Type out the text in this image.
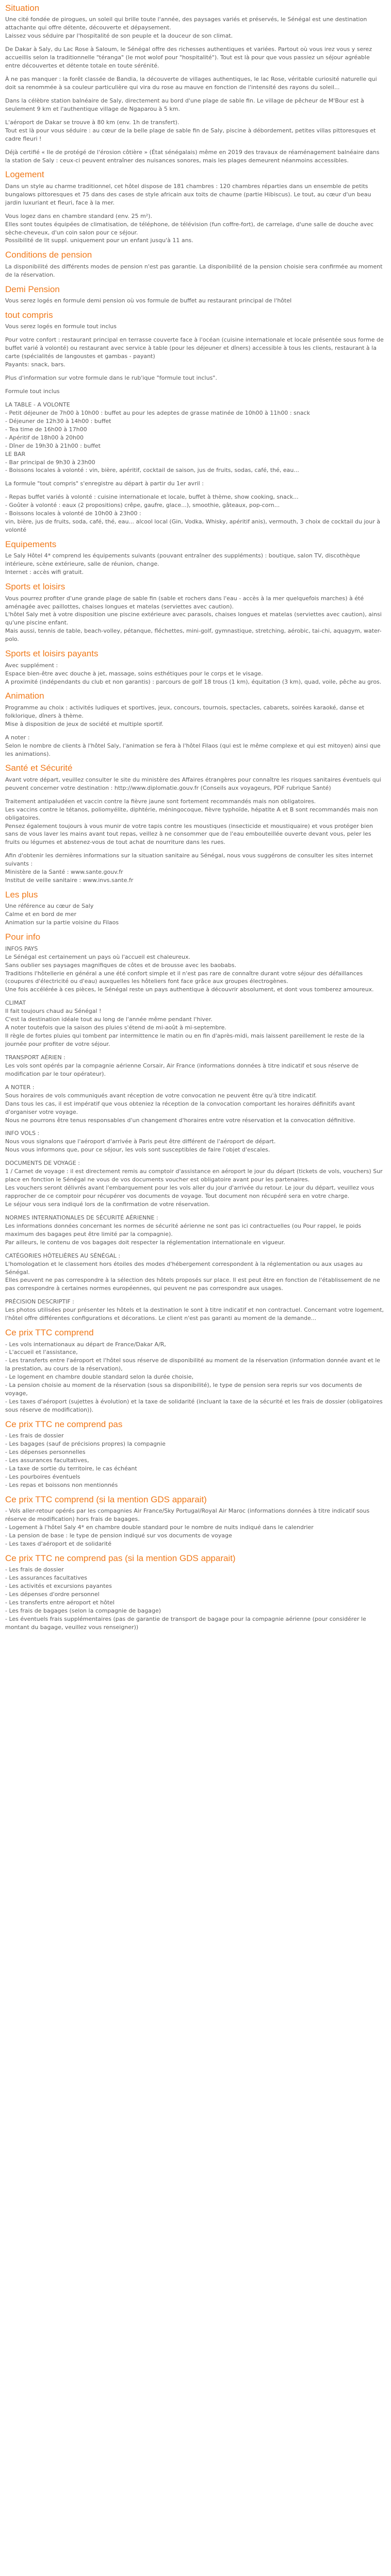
Situation

Une cité fondée de pirogues, un soleil qui brille toute l'année, des paysages variés et préservés, le Sénégal est une destination attachante qui offre détente, découverte et dépaysement.
Laissez vous séduire par l'hospitalité de son peuple et la douceur de son climat.

De Dakar à Saly, du Lac Rose à Saloum, le Sénégal offre des richesses authentiques et variées. Partout où vous irez vous y serez accueillis selon la traditionnelle "téranga" (le mot wolof pour "hospitalité"). Tout est là pour que vous passiez un séjour agréable entre découvertes et détente totale en toute sérénité.

À ne pas manquer : la forêt classée de Bandia, la découverte de villages authentiques, le lac Rose, véritable curiosité naturelle qui doit sa renommée à sa couleur particulière qui vira du rose au mauve en fonction de l'intensité des rayons du soleil...

Dans la célèbre station balnéaire de Saly, directement au bord d'une plage de sable fin. Le village de pêcheur de M'Bour est à seulement 9 km et l'authentique village de Ngaparou à 5 km.

L'aéroport de Dakar se trouve à 80 km (env. 1h de transfert).
Tout est là pour vous séduire : au cœur de la belle plage de sable fin de Saly, piscine à débordement, petites villas pittoresques et cadre fleuri !

Déjà certifié « Ile de protégé de l'érosion côtière » (État sénégalais) même en 2019 des travaux de réaménagement balnéaire dans la station de Saly : ceux-ci peuvent entraîner des nuisances sonores, mais les plages demeurent néanmoins accessibles.

Logement

Dans un style au charme traditionnel, cet hôtel dispose de 181 chambres : 120 chambres réparties dans un ensemble de petits bungalows pittoresques et 75 dans des cases de style africain aux toits de chaume (partie Hibiscus). Le tout, au cœur d'un beau jardin luxuriant et fleuri, face à la mer.

Vous logez dans en chambre standard (env. 25 m²).
Elles sont toutes équipées de climatisation, de téléphone, de télévision (fun coffre-fort), de carrelage, d'une salle de douche avec sèche-cheveux, d'un coin salon pour ce séjour.
Possibilité de lit suppl. uniquement pour un enfant jusqu'à 11 ans.

Conditions de pension

La disponibilité des différents modes de pension n'est pas garantie. La disponibilité de la pension choisie sera confirmée au moment de la réservation.

Demi Pension

Vous serez logés en formule demi pension où vos formule de buffet au restaurant principal de l'hôtel

tout compris

Vous serez logés en formule tout inclus

Pour votre confort : restaurant principal en terrasse couverte face à l'océan (cuisine internationale et locale présentée sous forme de buffet varié à volonté) ou restaurant avec service à table (pour les déjeuner et dîners) accessible à tous les clients, restaurant à la carte (spécialités de langoustes et gambas - payant)
Payants: snack, bars.

Plus d'information sur votre formule dans le rub'ique "formule tout inclus".

Formule tout inclus

LA TABLE - A VOLONTE
- Petit déjeuner de 7h00 à 10h00 : buffet au pour les adeptes de grasse matinée de 10h00 à 11h00 : snack
- Déjeuner de 12h30 à 14h00 : buffet
- Tea time de 16h00 à 17h00
- Apéritif de 18h00 à 20h00
- Dîner de 19h30 à 21h00 : buffet
LE BAR
- Bar principal de 9h30 à 23h00
- Boissons locales à volonté : vin, bière, apéritif, cocktail de saison, jus de fruits, sodas, café, thé, eau...

La formule "tout compris" s'enregistre au départ à partir du 1er avril :

- Repas buffet variés à volonté : cuisine internationale et locale, buffet à thème, show cooking, snack...
- Goûter à volonté : eaux (2 propositions) crêpe, gaufre, glace...), smoothie, gâteaux, pop-corn...
- Boissons locales à volonté de 10h00 à 23h00 :
vin, bière, jus de fruits, soda, café, thé, eau... alcool local (Gin, Vodka, Whisky, apéritif anis), vermouth, 3 choix de cocktail du jour à volonté

Equipements

Le Saly Hôtel 4* comprend les équipements suivants (pouvant entraîner des suppléments) : boutique, salon TV, discothèque intérieure, scène extérieure, salle de réunion, change.
Internet : accès wifi gratuit.

Sports et loisirs

Vous pourrez profiter d'une grande plage de sable fin (sable et rochers dans l'eau - accès à la mer quelquefois marches) à été aménagée avec paillottes, chaises longues et matelas (serviettes avec caution).
L'hôtel Saly met à votre disposition une piscine extérieure avec parasols, chaises longues et matelas (serviettes avec caution), ainsi qu'une piscine enfant.
Mais aussi, tennis de table, beach-volley, pétanque, fléchettes, mini-golf, gymnastique, stretching, aérobic, tai-chi, aquagym, water-polo.

Sports et loisirs payants

Avec supplément :
Espace bien-être avec douche à jet, massage, soins esthétiques pour le corps et le visage.
A proximité (indépendants du club et non garantis) : parcours de golf 18 trous (1 km), équitation (3 km), quad, voile, pêche au gros.

Animation

Programme au choix : activités ludiques et sportives, jeux, concours, tournois, spectacles, cabarets, soirées karaoké, danse et folklorique, dîners à thème.
Mise à disposition de jeux de société et multiple sportif.

A noter :
Selon le nombre de clients à l'hôtel Saly, l'animation se fera à l'hôtel Filaos (qui est le même complexe et qui est mitoyen) ainsi que les animations).

Santé et Sécurité

Avant votre départ, veuillez consulter le site du ministère des Affaires étrangères pour connaître les risques sanitaires éventuels qui peuvent concerner votre destination : http://www.diplomatie.gouv.fr (Conseils aux voyageurs, PDF rubrique Santé)

Traitement antipaludéen et vaccin contre la fièvre jaune sont fortement recommandés mais non obligatoires.
Les vaccins contre le tétanos, poliomyélite, diphtérie, méningocoque, fièvre typhoïde, hépatite A et B sont recommandés mais non obligatoires.
Pensez également toujours à vous munir de votre tapis contre les moustiques (insecticide et moustiquaire) et vous protéger bien sans de vous laver les mains avant tout repas, veillez à ne consommer que de l'eau embouteillée ouverte devant vous, peler les fruits ou légumes et abstenez-vous de tout achat de nourriture dans les rues.

Afin d'obtenir les dernières informations sur la situation sanitaire au Sénégal, nous vous suggérons de consulter les sites internet suivants :
Ministère de la Santé : www.sante.gouv.fr
Institut de veille sanitaire : www.invs.sante.fr

Les plus

Une référence au cœur de Saly
Calme et en bord de mer
Animation sur la partie voisine du Filaos

Pour info

INFOS PAYS
Le Sénégal est certainement un pays où l'accueil est chaleureux.
Sans oublier ses paysages magnifiques de côtes et de brousse avec les baobabs.
Traditions l'hôtellerie en général a une été confort simple et il n'est pas rare de connaître durant votre séjour des défaillances (coupures d'électricité ou d'eau) auxquelles les hôteliers font face grâce aux groupes électrogènes.
Une fois accélérée à ces pièces, le Sénégal reste un pays authentique à découvrir absolument, et dont vous tomberez amoureux.

CLIMAT
Il fait toujours chaud au Sénégal !
C'est la destination idéale tout au long de l'année même pendant l'hiver.
A noter toutefois que la saison des pluies s'étend de mi-août à mi-septembre.
Il règle de fortes pluies qui tombent par intermittence le matin ou en fin d'après-midi, mais laissent pareillement le reste de la journée pour profiter de votre séjour.

TRANSPORT AÉRIEN :
Les vols sont opérés par la compagnie aérienne Corsair, Air France (informations données à titre indicatif et sous réserve de modification par le tour opérateur).

A NOTER :
Sous horaires de vols communiqués avant réception de votre convocation ne peuvent être qu'à titre indicatif.
Dans tous les cas, il est impératif que vous obteniez la réception de la convocation comportant les horaires définitifs avant d'organiser votre voyage.
Nous ne pourrons être tenus responsables d'un changement d'horaires entre votre réservation et la convocation définitive.

INFO VOLS :
Nous vous signalons que l'aéroport d'arrivée à Paris peut être différent de l'aéroport de départ.
Nous vous informons que, pour ce séjour, les vols sont susceptibles de faire l'objet d'escales.

DOCUMENTS DE VOYAGE :
1 / Carnet de voyage : il est directement remis au comptoir d'assistance en aéroport le jour du départ (tickets de vols, vouchers) Sur place en fonction le Sénégal ne vous de vos documents voucher est obligatoire avant pour les partenaires.
Les vouchers seront délivrés avant l'embarquement pour les vols aller du jour d'arrivée du retour. Le jour du départ, veuillez vous rapprocher de ce comptoir pour récupérer vos documents de voyage. Tout document non récupéré sera en votre charge.
Le séjour vous sera indiqué lors de la confirmation de votre réservation.

NORMES INTERNATIONALES DE SÉCURITÉ AÉRIENNE :
Les informations données concernant les normes de sécurité aérienne ne sont pas ici contractuelles (ou Pour rappel, le poids maximum des bagages peut être limité par la compagnie).
Par ailleurs, le contenu de vos bagages doit respecter la réglementation internationale en vigueur.

CATÉGORIES HÔTELIÈRES AU SÉNÉGAL :
L'homologation et le classement hors étoiles des modes d'hébergement correspondent à la réglementation ou aux usages au Sénégal.
Elles peuvent ne pas correspondre à la sélection des hôtels proposés sur place. Il est peut être en fonction de l'établissement de ne pas correspondre à certaines normes européennes, qui peuvent ne pas correspondre aux usages.

PRÉCISION DESCRIPTIF :
Les photos utilisées pour présenter les hôtels et la destination le sont à titre indicatif et non contractuel. Concernant votre logement, l'hôtel offre différentes configurations et décorations. Le client n'est pas garanti au moment de la demande...

Ce prix TTC comprend

- Les vols internationaux au départ de France/Dakar A/R,
- L'accueil et l'assistance,
- Les transferts entre l'aéroport et l'hôtel sous réserve de disponibilité au moment de la réservation (information donnée avant et le la prestation, au cours de la réservation),
- Le logement en chambre double standard selon la durée choisie,
- La pension choisie au moment de la réservation (sous sa disponibilité), le type de pension sera repris sur vos documents de voyage,
- Les taxes d'aéroport (sujettes à évolution) et la taxe de solidarité (incluant la taxe de la sécurité et les frais de dossier (obligatoires sous réserve de modification)).

Ce prix TTC ne comprend pas

- Les frais de dossier
- Les bagages (sauf de précisions propres) la compagnie
- Les dépenses personnelles
- Les assurances facultatives,
- La taxe de sortie du territoire, le cas échéant
- Les pourboires éventuels
- Les repas et boissons non mentionnés

Ce prix TTC comprend (si la mention GDS apparait)

- Vols aller-retour opérés par les compagnies Air France/Sky Portugal/Royal Air Maroc (informations données à titre indicatif sous réserve de modification) hors frais de bagages.
- Logement à l'hôtel Saly 4* en chambre double standard pour le nombre de nuits indiqué dans le calendrier
- La pension de base : le type de pension indiqué sur vos documents de voyage
- Les taxes d'aéroport et de solidarité

Ce prix TTC ne comprend pas (si la mention GDS apparait)

- Les frais de dossier
- Les assurances facultatives
- Les activités et excursions payantes
- Les dépenses d'ordre personnel
- Les transferts entre aéroport et hôtel
- Les frais de bagages (selon la compagnie de bagage)
- Les éventuels frais supplémentaires (pas de garantie de transport de bagage pour la compagnie aérienne (pour considérer le montant du bagage, veuillez vous renseigner))
